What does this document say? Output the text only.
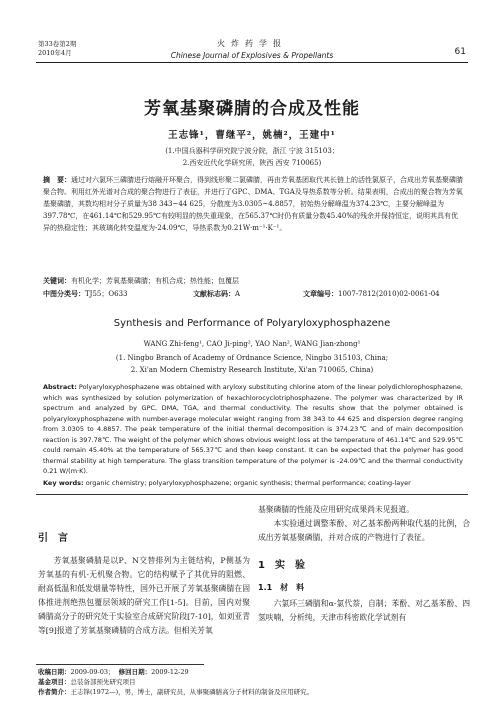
第33卷第2期
2010年4月
火炸药学报
Chinese Journal of Explosives & Propellants	61
芳氧基聚磷腈的合成及性能
王志锋¹，曹继平²，姚楠²，王建中¹
(1.中国兵器科学研究院宁波分院，浙江 宁波 315103；
2.西安近代化学研究所，陕西 西安 710065)
摘　要：通过对六氯环三磷腈进行熔融开环聚合，得到线形聚二氯磷腈，再由芳氧基团取代其长链上的活性氯原子，合成出芳氧基聚磷腈聚合物。利用红外光谱对合成的聚合物进行了表征，并进行了GPC、DMA、TGA及导热系数等分析。结果表明，合成出的聚合物为芳氧基聚磷腈，其数均相对分子质量为38 343~44 625，分散度为3.0305~4.8857，初始热分解峰温为374.23℃，主要分解峰温为397.78℃，在461.14℃和529.95℃有较明显的热失重现象，在565.37℃时仍有质量分数45.40%的残余并保持恒定，说明其具有优异的热稳定性；其玻璃化转变温度为-24.09℃，导热系数为0.21W·m⁻¹·K⁻¹。
关键词：有机化学；芳氧基聚磷腈；有机合成；热性能；包覆层
中图分类号：TJ55；O633	文献标志码：A	文章编号：1007-7812(2010)02-0061-04
Synthesis and Performance of Polyaryloxyphosphazene
WANG Zhi-feng¹, CAO Ji-ping², YAO Nan², WANG Jian-zhong¹
(1. Ningbo Branch of Academy of Ordnance Science, Ningbo 315103, China;
2. Xi'an Modern Chemistry Research Institute, Xi'an 710065, China)
Abstract: Polyaryloxyphosphazene was obtained with aryloxy substituting chlorine atom of the linear polydichlorophosphazene, which was synthesized by solution polymerization of hexachlorocyclotriphosphazene. The polymer was characterized by IR spectrum and analyzed by GPC, DMA, TGA, and thermal conductivity. The results show that the polymer obtained is polyaryloxyphosphazene with number-average molecular weight ranging from 38 343 to 44 625 and dispersion degree ranging from 3.0305 to 4.8857. The peak temperature of the initial thermal decomposition is 374.23℃ and of main decomposition reaction is 397.78℃. The weight of the polymer which shows obvious weight loss at the temperature of 461.14℃ and 529.95℃ could remain 45.40% at the temperature of 565.37℃ and then keep constant. It can be expected that the polymer has good thermal stability at high temperature. The glass transition temperature of the polymer is -24.09℃ and the thermal conductivity 0.21 W/(m·K).
Key words: organic chemistry; polyaryloxyphosphazene; organic synthesis; thermal performance; coating-layer
引　言

芳氧基聚磷腈是以P、N交替排列为主链结构，P侧基为芳氧基的有机-无机聚合物。它的结构赋予了其优异的阻燃、耐高低温和低发烟量等特性，国外已开展了芳氧基聚磷腈在固体推进剂绝热包覆层领域的研究工作[1-5]。目前，国内对聚磷腈高分子的研究处于实验室合成研究阶段[7-10]，如刘亚青等[9]报道了芳氧基聚磷腈的合成方法。但相关芳氧

基聚磷腈的性能及应用研究成果尚未见报道。

本实验通过调整苯酚、对乙基苯酚两种取代基的比例，合成出芳氧基聚磷腈，并对合成的产物进行了表征。

1　实　验
1.1　材　料

六氯环三磷腈和α-氯代萘，自制；苯酚、对乙基苯酚、四氢呋喃，分析纯，天津市科密欧化学试剂有

收稿日期：2009-09-03； 修回日期：2009-12-29
基金项目：总装备部预先研究项目
作者简介：王志锋(1972—)，男，博士，副研究员，从事聚磷腈高分子材料的制备及应用研究。
